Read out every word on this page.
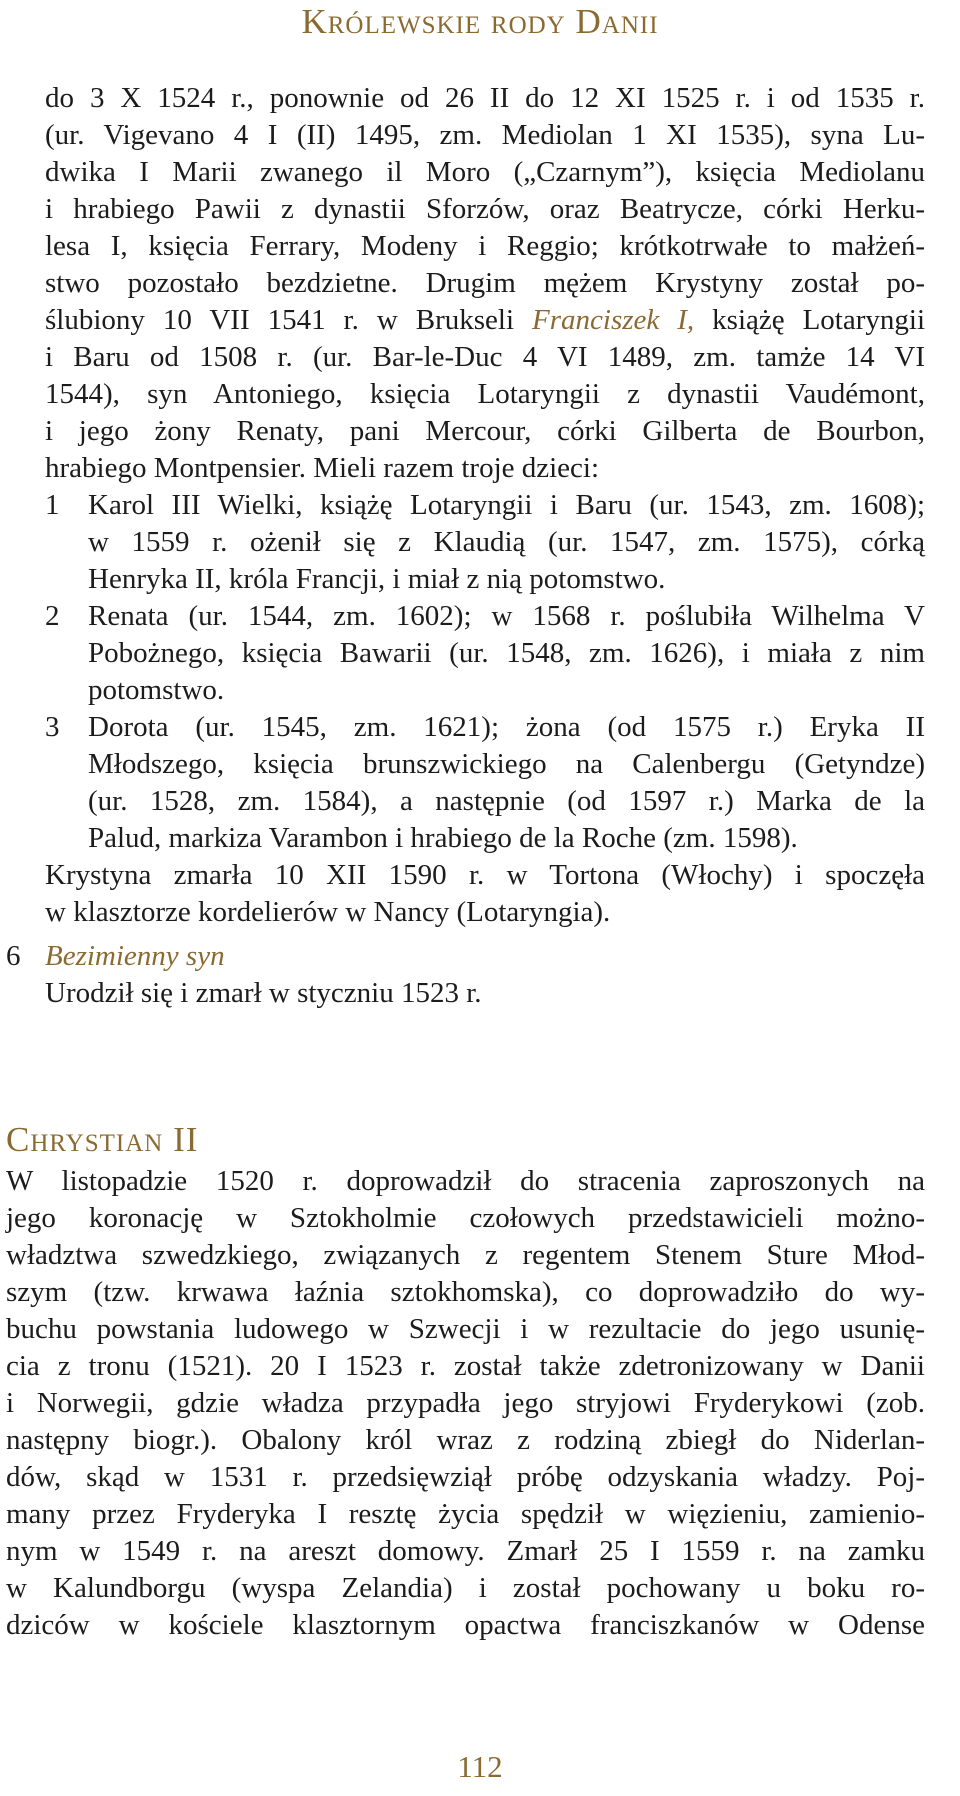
Królewskie rody Danii
do 3 X 1524 r., ponownie od 26 II do 12 XI 1525 r. i od 1535 r.
(ur. Vigevano 4 I (II) 1495, zm. Mediolan 1 XI 1535), syna Lu-
dwika I Marii zwanego il Moro („Czarnym”), księcia Mediolanu
i hrabiego Pawii z dynastii Sforzów, oraz Beatrycze, córki Herku-
lesa I, księcia Ferrary, Modeny i Reggio; krótkotrwałe to małżeń-
stwo pozostało bezdzietne. Drugim mężem Krystyny został po-
ślubiony 10 VII 1541 r. w Brukseli Franciszek I, książę Lotaryngii
i Baru od 1508 r. (ur. Bar-le-Duc 4 VI 1489, zm. tamże 14 VI
1544), syn Antoniego, księcia Lotaryngii z dynastii Vaudémont,
i jego żony Renaty, pani Mercour, córki Gilberta de Bourbon,
hrabiego Montpensier. Mieli razem troje dzieci:
1 Karol III Wielki, książę Lotaryngii i Baru (ur. 1543, zm. 1608);
w 1559 r. ożenił się z Klaudią (ur. 1547, zm. 1575), córką
Henryka II, króla Francji, i miał z nią potomstwo.
2 Renata (ur. 1544, zm. 1602); w 1568 r. poślubiła Wilhelma V
Pobożnego, księcia Bawarii (ur. 1548, zm. 1626), i miała z nim
potomstwo.
3 Dorota (ur. 1545, zm. 1621); żona (od 1575 r.) Eryka II
Młodszego, księcia brunszwickiego na Calenbergu (Getyndze)
(ur. 1528, zm. 1584), a następnie (od 1597 r.) Marka de la
Palud, markiza Varambon i hrabiego de la Roche (zm. 1598).
Krystyna zmarła 10 XII 1590 r. w Tortona (Włochy) i spoczęła
w klasztorze kordelierów w Nancy (Lotaryngia).
6 Bezimienny syn
Urodził się i zmarł w styczniu 1523 r.
Chrystian II
W listopadzie 1520 r. doprowadził do stracenia zaproszonych na
jego koronację w Sztokholmie czołowych przedstawicieli możno-
władztwa szwedzkiego, związanych z regentem Stenem Sture Młod-
szym (tzw. krwawa łaźnia sztokhomska), co doprowadziło do wy-
buchu powstania ludowego w Szwecji i w rezultacie do jego usunię-
cia z tronu (1521). 20 I 1523 r. został także zdetronizowany w Danii
i Norwegii, gdzie władza przypadła jego stryjowi Fryderykowi (zob.
następny biogr.). Obalony król wraz z rodziną zbiegł do Niderlan-
dów, skąd w 1531 r. przedsięwziął próbę odzyskania władzy. Poj-
many przez Fryderyka I resztę życia spędził w więzieniu, zamienio-
nym w 1549 r. na areszt domowy. Zmarł 25 I 1559 r. na zamku
w Kalundborgu (wyspa Zelandia) i został pochowany u boku ro-
dziców w kościele klasztornym opactwa franciszkanów w Odense
112
